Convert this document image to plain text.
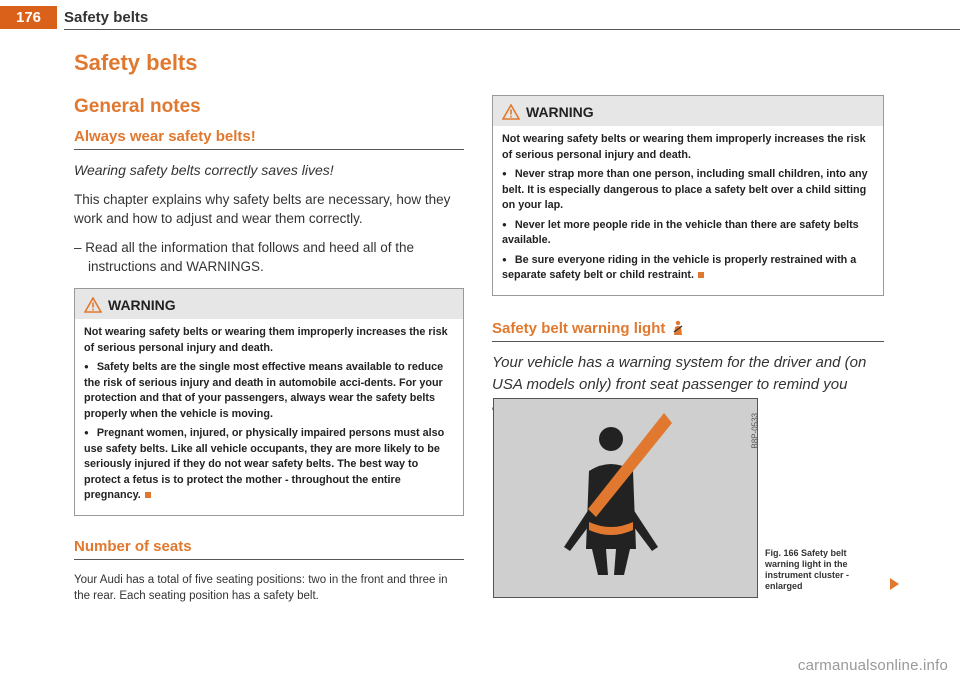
176	Safety belts
Safety belts
General notes
Always wear safety belts!

Wearing safety belts correctly saves lives!

This chapter explains why safety belts are necessary, how they work and how to adjust and wear them correctly.

– Read all the information that follows and heed all of the instructions and WARNINGS.

WARNING

Not wearing safety belts or wearing them improperly increases the risk of serious personal injury and death.

● Safety belts are the single most effective means available to reduce the risk of serious injury and death in automobile acci-dents. For your protection and that of your passengers, always wear the safety belts properly when the vehicle is moving.

● Pregnant women, injured, or physically impaired persons must also use safety belts. Like all vehicle occupants, they are more likely to be seriously injured if they do not wear safety belts. The best way to protect a fetus is to protect the mother - throughout the entire pregnancy.

Number of seats

Your Audi has a total of five seating positions: two in the front and three in the rear. Each seating position has a safety belt.

WARNING

Not wearing safety belts or wearing them improperly increases the risk of serious personal injury and death.

● Never strap more than one person, including small children, into any belt. It is especially dangerous to place a safety belt over a child sitting on your lap.

● Never let more people ride in the vehicle than there are safety belts available.

● Be sure everyone riding in the vehicle is properly restrained with a separate safety belt or child restraint.

Safety belt warning light

Your vehicle has a warning system for the driver and (on USA models only) front seat passenger to remind you

B8P-0533
Fig. 166 Safety belt warning light in the instrument cluster - enlarged
carmanualsonline.info
